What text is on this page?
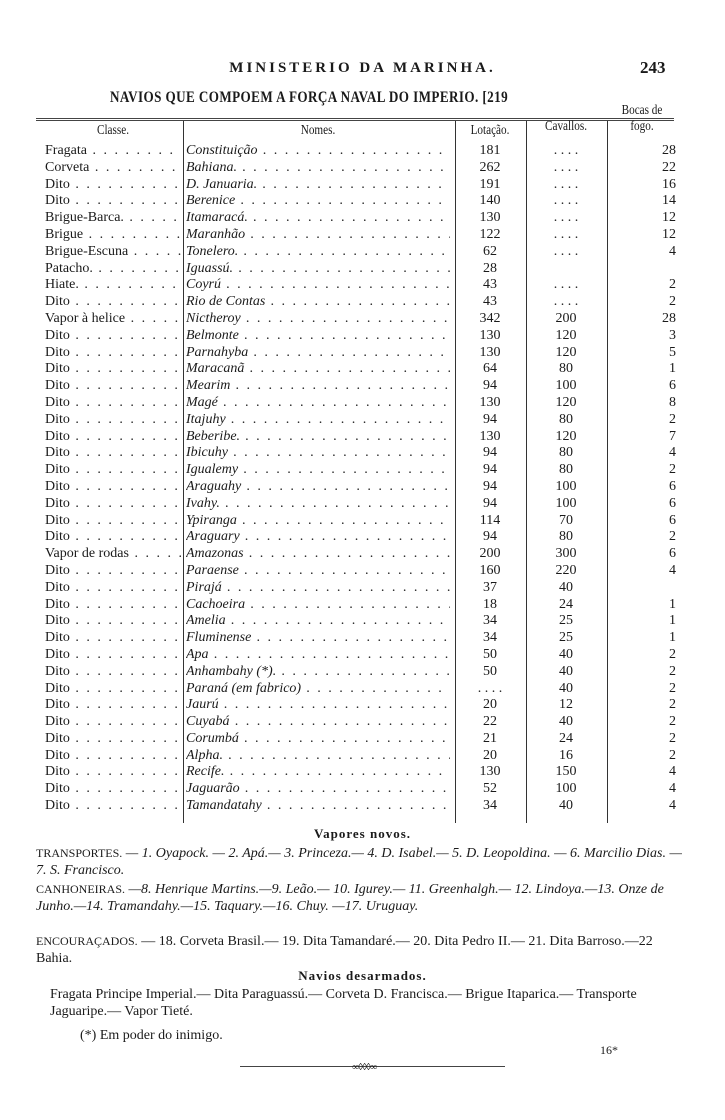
MINISTERIO DA MARINHA.	243
NAVIOS QUE COMPOEM A FORÇA NAVAL DO IMPERIO. [219
Classe.	Nomes.	Lotação.	Cavallos.
Bocas de fogo.
Fragata . . .	Constituição . . .	181	. . . .	28
Corveta . . .	Bahiana. . . .	262	. . . .	22
Dito . . .	D. Januaria. . . .	191	. . . .	16
Dito . . .	Berenice . . .	140	. . . .	14
Brigue-Barca. . . .	Itamaracá. . . .	130	. . . .	12
Brigue . . .	Maranhão . . .	122	. . . .	12
Brigue-Escuna . . .	Tonelero. . . .	62	. . . .	4
Patacho. . . .	Iguassú. . . .	28
Hiate. . . .	Coyrú . . .	43	. . . .	2
Dito . . .	Rio de Contas . . .	43	. . . .	2
Vapor à helice . . .	Nictheroy . . .	342	200	28
Dito . . .	Belmonte . . .	130	120	3
Dito . . .	Parnahyba . . .	130	120	5
Dito . . .	Maracanã . . .	64	80	1
Dito . . .	Mearim . . .	94	100	6
Dito . . .	Magé . . .	130	120	8
Dito . . .	Itajuhy . . .	94	80	2
Dito . . .	Beberibe. . . .	130	120	7
Dito . . .	Ibicuhy . . .	94	80	4
Dito . . .	Igualemy . . .	94	80	2
Dito . . .	Araguahy . . .	94	100	6
Dito . . .	Ivahy. . . .	94	100	6
Dito . . .	Ypiranga . . .	114	70	6
Dito . . .	Araguary . . .	94	80	2
Vapor de rodas . . .	Amazonas . . .	200	300	6
Dito . . .	Paraense . . .	160	220	4
Dito . . .	Pirajá . . .	37	40
Dito . . .	Cachoeira . . .	18	24	1
Dito . . .	Amelia . . .	34	25	1
Dito . . .	Fluminense . . .	34	25	1
Dito . . .	Apa . . .	50	40	2
Dito . . .	Anhambahy (*). . . .	50	40	2
Dito . . .	Paraná (em fabrico) . . .	. . . .	40	2
Dito . . .	Jaurú . . .	20	12	2
Dito . . .	Cuyabá . . .	22	40	2
Dito . . .	Corumbá . . .	21	24	2
Dito . . .	Alpha. . . .	20	16	2
Dito . . .	Recife. . . .	130	150	4
Dito . . .	Jaguarão . . .	52	100	4
Dito . . .	Tamandatahy . . .	34	40	4
Vapores novos.
TRANSPORTES. — 1. Oyapock. — 2. Apá.— 3. Princeza.— 4. D. Isabel.— 5. D. Leopoldina. — 6. Marcilio Dias. — 7. S. Francisco.
CANHONEIRAS. —8. Henrique Martins.—9. Leão.— 10. Igurey.— 11. Greenhalgh.— 12. Lindoya.—13. Onze de Junho.—14. Tramandahy.—15. Taquary.—16. Chuy. —17. Uruguay.
ENCOURAÇADOS. — 18. Corveta Brasil.— 19. Dita Tamandaré.— 20. Dita Pedro II.— 21. Dita Barroso.—22 Bahia.
Navios desarmados.
Fragata Principe Imperial.— Dita Paraguassú.— Corveta D. Francisca.— Brigue Itaparica.— Transporte Jaguaripe.— Vapor Tieté.
(*) Em poder do inimigo.
16*
∞◊◊◊∞
